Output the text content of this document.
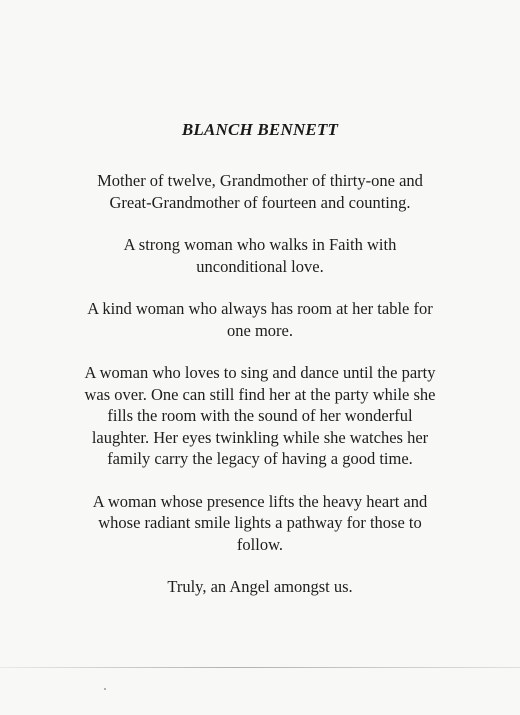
BLANCH BENNETT

Mother of twelve, Grandmother of thirty-one and
Great-Grandmother of fourteen and counting.

A strong woman who walks in Faith with
unconditional love.

A kind woman who always has room at her table for
one more.

A woman who loves to sing and dance until the party
was over. One can still find her at the party while she
fills the room with the sound of her wonderful
laughter. Her eyes twinkling while she watches her
family carry the legacy of having a good time.

A woman whose presence lifts the heavy heart and
whose radiant smile lights a pathway for those to
follow.

Truly, an Angel amongst us.
